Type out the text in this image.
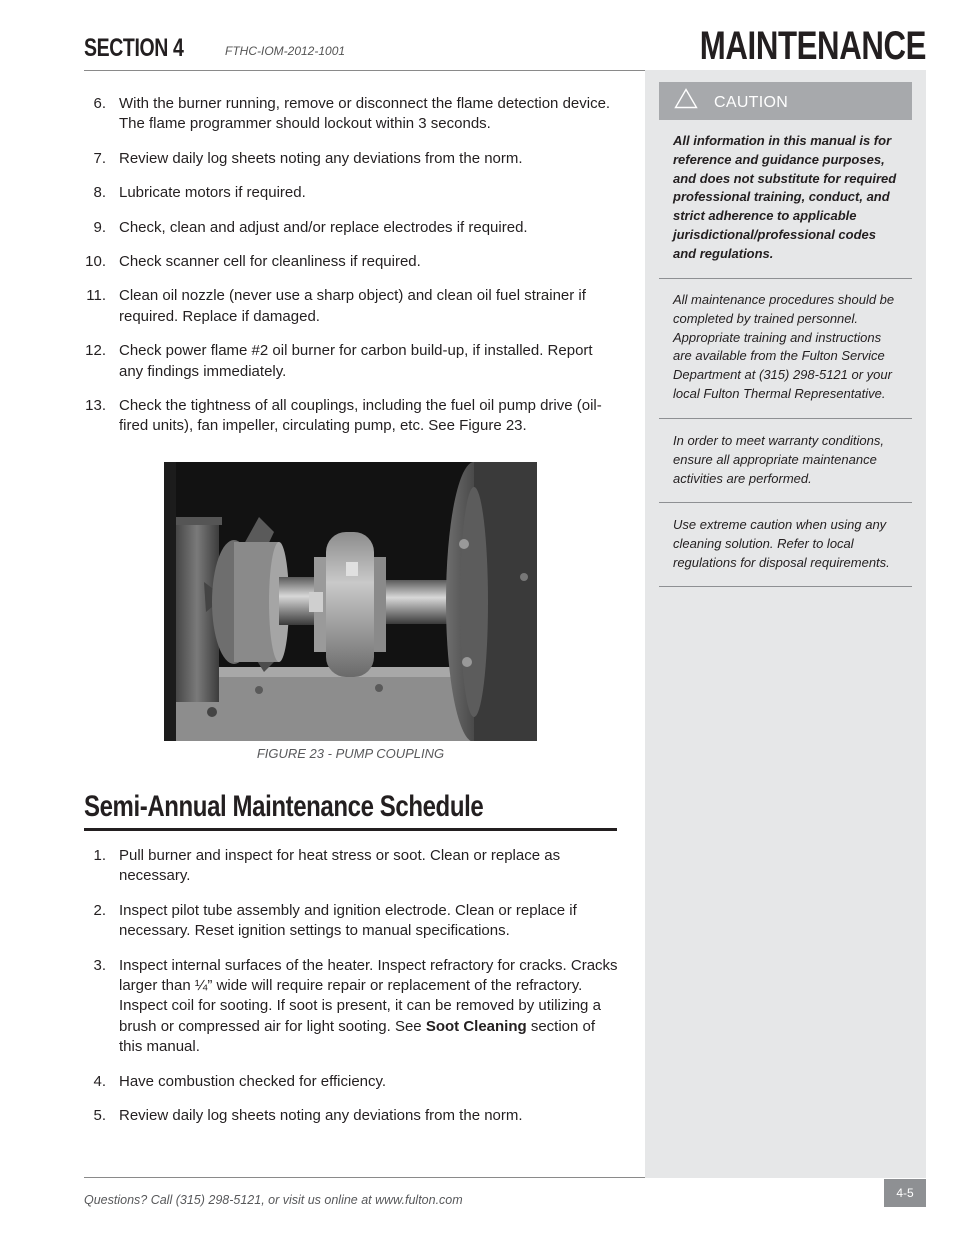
SECTION 4	FTHC-IOM-2012-1001	MAINTENANCE
6. With the burner running, remove or disconnect the flame detection device. The flame programmer should lockout within 3 seconds.
7. Review daily log sheets noting any deviations from the norm.
8. Lubricate motors if required.
9. Check, clean and adjust and/or replace electrodes if required.
10. Check scanner cell for cleanliness if required.
11. Clean oil nozzle (never use a sharp object) and clean oil fuel strainer if required. Replace if damaged.
12. Check power flame #2 oil burner for carbon build-up, if installed. Report any findings immediately.
13. Check the tightness of all couplings, including the fuel oil pump drive (oil-fired units), fan impeller, circulating pump, etc. See Figure 23.
FIGURE 23 - PUMP COUPLING
Semi-Annual Maintenance Schedule
1. Pull burner and inspect for heat stress or soot. Clean or replace as necessary.
2. Inspect pilot tube assembly and ignition electrode. Clean or replace if necessary. Reset ignition settings to manual specifications.
3. Inspect internal surfaces of the heater. Inspect refractory for cracks. Cracks larger than ¼” wide will require repair or replacement of the refractory. Inspect coil for sooting. If soot is present, it can be removed by utilizing a brush or compressed air for light sooting. See Soot Cleaning section of this manual.
4. Have combustion checked for efficiency.
5. Review daily log sheets noting any deviations from the norm.
CAUTION

All information in this manual is for reference and guidance purposes, and does not substitute for required professional training, conduct, and strict adherence to applicable jurisdictional/professional codes and regulations.

All maintenance procedures should be completed by trained personnel. Appropriate training and instructions are available from the Fulton Service Department at (315) 298-5121 or your local Fulton Thermal Representative.

In order to meet warranty conditions, ensure all appropriate maintenance activities are performed.

Use extreme caution when using any cleaning solution. Refer to local regulations for disposal requirements.

Questions? Call (315) 298-5121, or visit us online at www.fulton.com	4-5
